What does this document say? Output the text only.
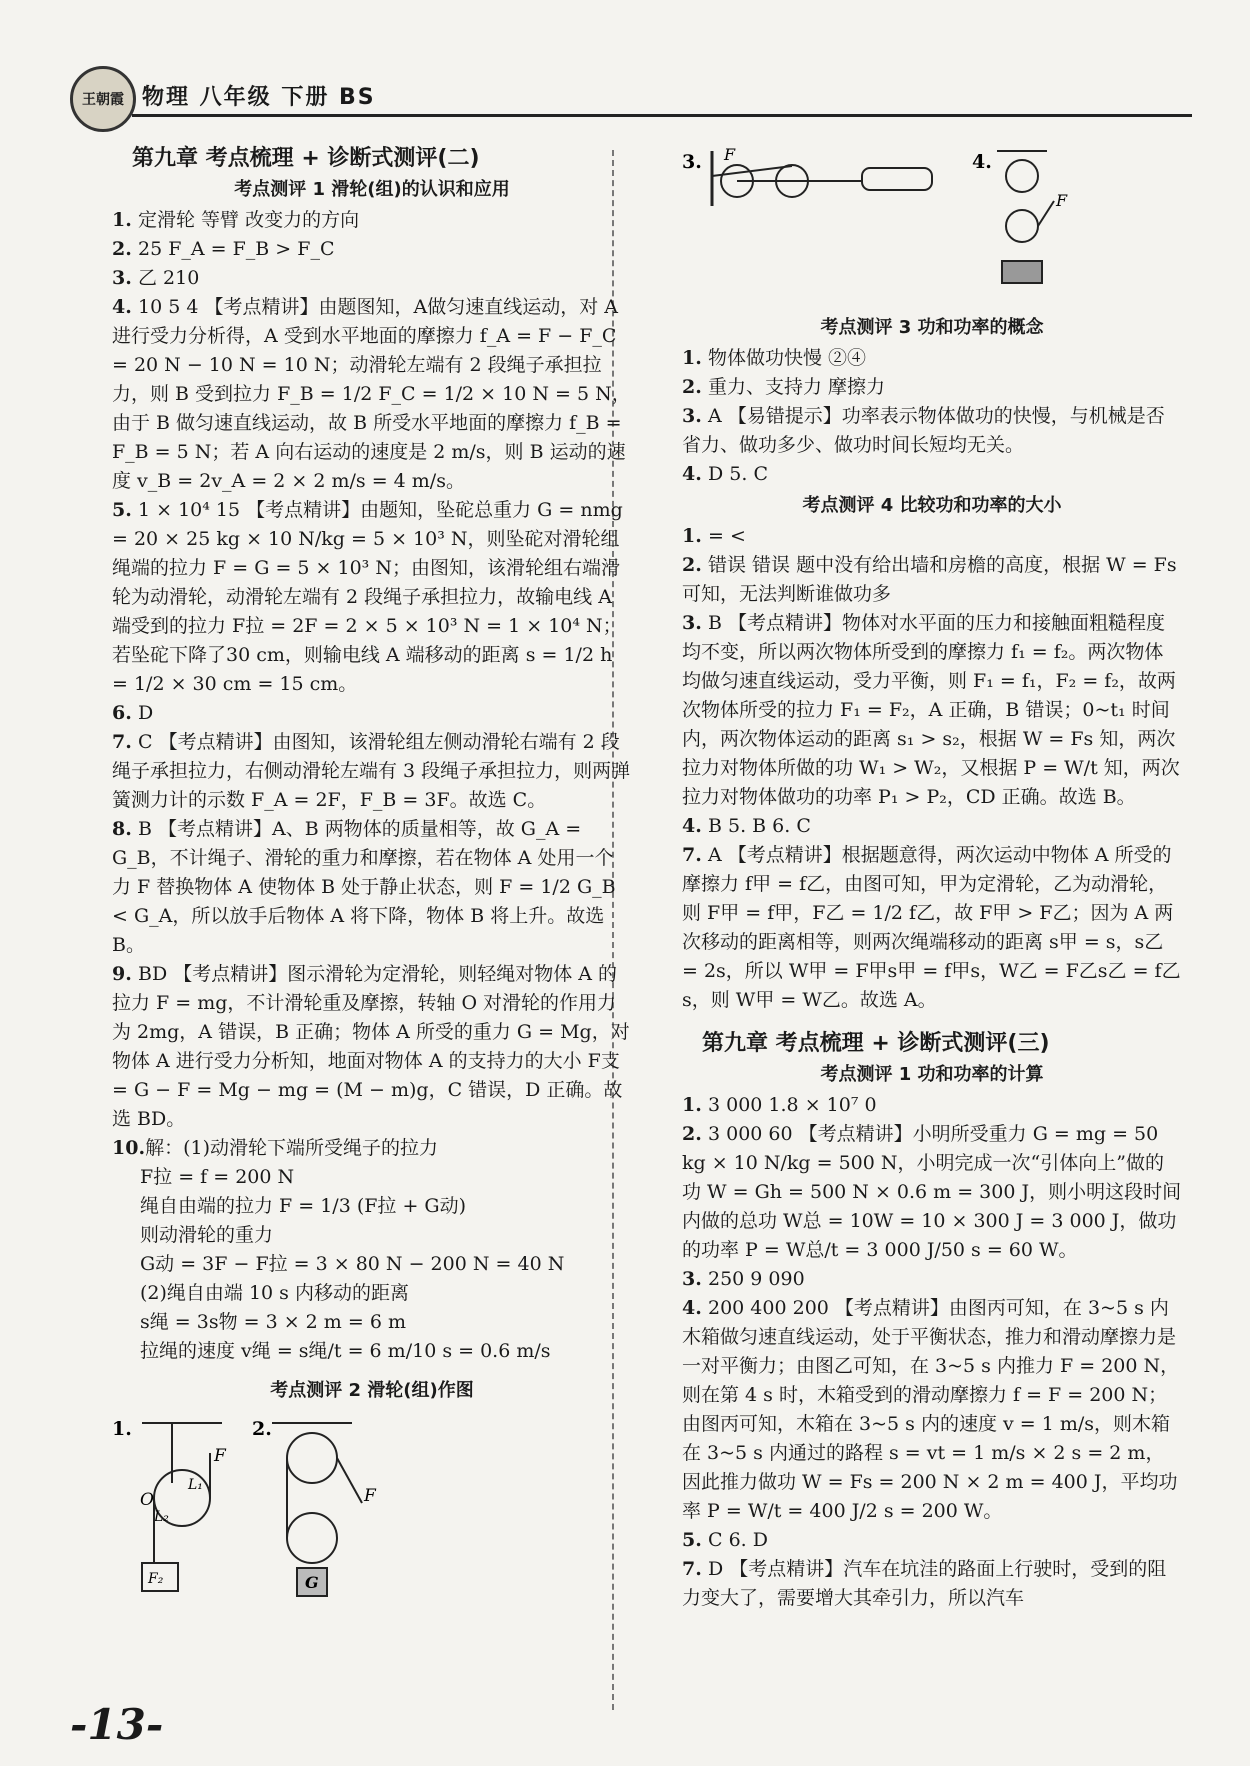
王朝霞 物理 八年级 下册 BS
第九章 考点梳理 + 诊断式测评(二)
考点测评 1 滑轮(组)的认识和应用

1. 定滑轮 等臂 改变力的方向

2. 25 F_A = F_B > F_C

3. 乙 210

4. 10 5 4 【考点精讲】由题图知，A做匀速直线运动，对 A 进行受力分析得，A 受到水平地面的摩擦力 f_A = F − F_C = 20 N − 10 N = 10 N；动滑轮左端有 2 段绳子承担拉力，则 B 受到拉力 F_B = 1/2 F_C = 1/2 × 10 N = 5 N，由于 B 做匀速直线运动，故 B 所受水平地面的摩擦力 f_B = F_B = 5 N；若 A 向右运动的速度是 2 m/s，则 B 运动的速度 v_B = 2v_A = 2 × 2 m/s = 4 m/s。

5. 1 × 10⁴ 15 【考点精讲】由题知，坠砣总重力 G = nmg = 20 × 25 kg × 10 N/kg = 5 × 10³ N，则坠砣对滑轮组绳端的拉力 F = G = 5 × 10³ N；由图知，该滑轮组右端滑轮为动滑轮，动滑轮左端有 2 段绳子承担拉力，故输电线 A 端受到的拉力 F拉 = 2F = 2 × 5 × 10³ N = 1 × 10⁴ N；若坠砣下降了30 cm，则输电线 A 端移动的距离 s = 1/2 h = 1/2 × 30 cm = 15 cm。

6. D

7. C 【考点精讲】由图知，该滑轮组左侧动滑轮右端有 2 段绳子承担拉力，右侧动滑轮左端有 3 段绳子承担拉力，则两弹簧测力计的示数 F_A = 2F，F_B = 3F。故选 C。

8. B 【考点精讲】A、B 两物体的质量相等，故 G_A = G_B，不计绳子、滑轮的重力和摩擦，若在物体 A 处用一个力 F 替换物体 A 使物体 B 处于静止状态，则 F = 1/2 G_B < G_A，所以放手后物体 A 将下降，物体 B 将上升。故选 B。

9. BD 【考点精讲】图示滑轮为定滑轮，则轻绳对物体 A 的拉力 F = mg，不计滑轮重及摩擦，转轴 O 对滑轮的作用力为 2mg，A 错误，B 正确；物体 A 所受的重力 G = Mg，对物体 A 进行受力分析知，地面对物体 A 的支持力的大小 F支 = G − F = Mg − mg = (M − m)g，C 错误，D 正确。故选 BD。

10.解：(1)动滑轮下端所受绳子的拉力

F拉 = f = 200 N
绳自由端的拉力 F = 1/3 (F拉 + G动)
则动滑轮的重力
G动 = 3F − F拉 = 3 × 80 N − 200 N = 40 N
(2)绳自由端 10 s 内移动的距离
s绳 = 3s物 = 3 × 2 m = 6 m
拉绳的速度 v绳 = s绳/t = 6 m/10 s = 0.6 m/s
考点测评 2 滑轮(组)作图
1.
F
O
L₁
L₂
F₂
2.
F
G
3. F	4.
F
考点测评 3 功和功率的概念

1. 物体做功快慢 ②④

2. 重力、支持力 摩擦力

3. A 【易错提示】功率表示物体做功的快慢，与机械是否省力、做功多少、做功时间长短均无关。

4. D 5. C

考点测评 4 比较功和功率的大小

1. = <

2. 错误 错误 题中没有给出墙和房檐的高度，根据 W = Fs 可知，无法判断谁做功多

3. B 【考点精讲】物体对水平面的压力和接触面粗糙程度均不变，所以两次物体所受到的摩擦力 f₁ = f₂。两次物体均做匀速直线运动，受力平衡，则 F₁ = f₁，F₂ = f₂，故两次物体所受的拉力 F₁ = F₂，A 正确，B 错误；0~t₁ 时间内，两次物体运动的距离 s₁ > s₂，根据 W = Fs 知，两次拉力对物体所做的功 W₁ > W₂，又根据 P = W/t 知，两次拉力对物体做功的功率 P₁ > P₂，CD 正确。故选 B。

4. B 5. B 6. C

7. A 【考点精讲】根据题意得，两次运动中物体 A 所受的摩擦力 f甲 = f乙，由图可知，甲为定滑轮，乙为动滑轮，则 F甲 = f甲，F乙 = 1/2 f乙，故 F甲 > F乙；因为 A 两次移动的距离相等，则两次绳端移动的距离 s甲 = s，s乙 = 2s，所以 W甲 = F甲s甲 = f甲s，W乙 = F乙s乙 = f乙s，则 W甲 = W乙。故选 A。

第九章 考点梳理 + 诊断式测评(三)
考点测评 1 功和功率的计算

1. 3 000 1.8 × 10⁷ 0

2. 3 000 60 【考点精讲】小明所受重力 G = mg = 50 kg × 10 N/kg = 500 N，小明完成一次“引体向上”做的功 W = Gh = 500 N × 0.6 m = 300 J，则小明这段时间内做的总功 W总 = 10W = 10 × 300 J = 3 000 J，做功的功率 P = W总/t = 3 000 J/50 s = 60 W。

3. 250 9 090

4. 200 400 200 【考点精讲】由图丙可知，在 3~5 s 内木箱做匀速直线运动，处于平衡状态，推力和滑动摩擦力是一对平衡力；由图乙可知，在 3~5 s 内推力 F = 200 N，则在第 4 s 时，木箱受到的滑动摩擦力 f = F = 200 N；由图丙可知，木箱在 3~5 s 内的速度 v = 1 m/s，则木箱在 3~5 s 内通过的路程 s = vt = 1 m/s × 2 s = 2 m，因此推力做功 W = Fs = 200 N × 2 m = 400 J，平均功率 P = W/t = 400 J/2 s = 200 W。

5. C 6. D

7. D 【考点精讲】汽车在坑洼的路面上行驶时，受到的阻力变大了，需要增大其牵引力，所以汽车

-13-
